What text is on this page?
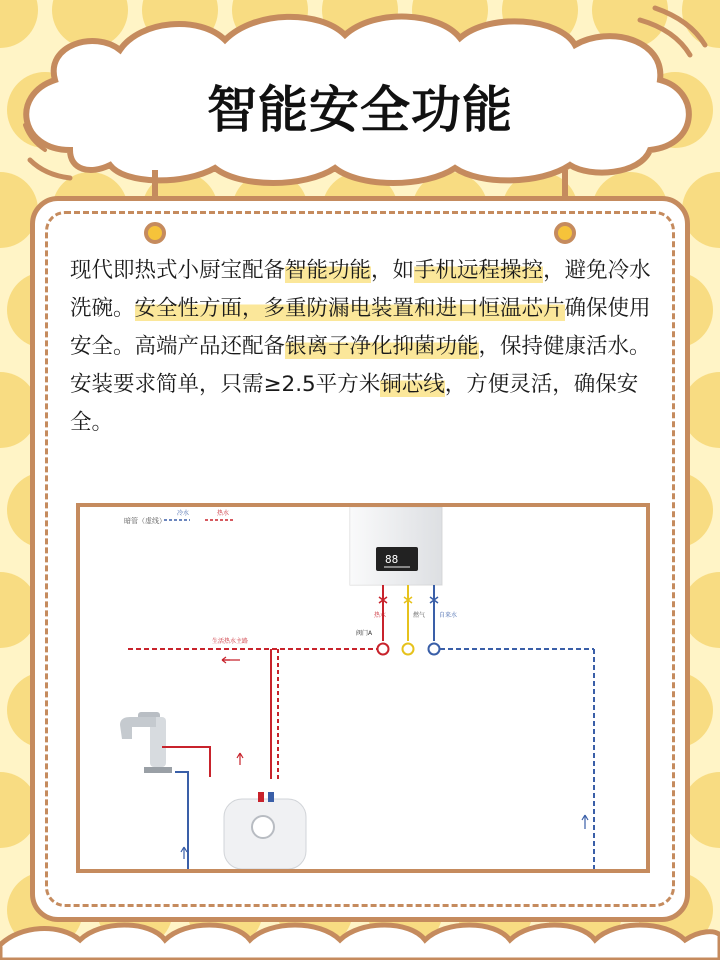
智能安全功能

现代即热式小厨宝配备智能功能，如手机远程操控，避免冷水洗碗。安全性方面，多重防漏电装置和进口恒温芯片确保使用安全。高端产品还配备银离子净化抑菌功能，保持健康活水。安装要求简单，只需≥2.5平方米铜芯线，方便灵活，确保安全。

暗管（虚线）
冷水	热水
88
热水	燃气 自来水
阀门A
生活热水主路
